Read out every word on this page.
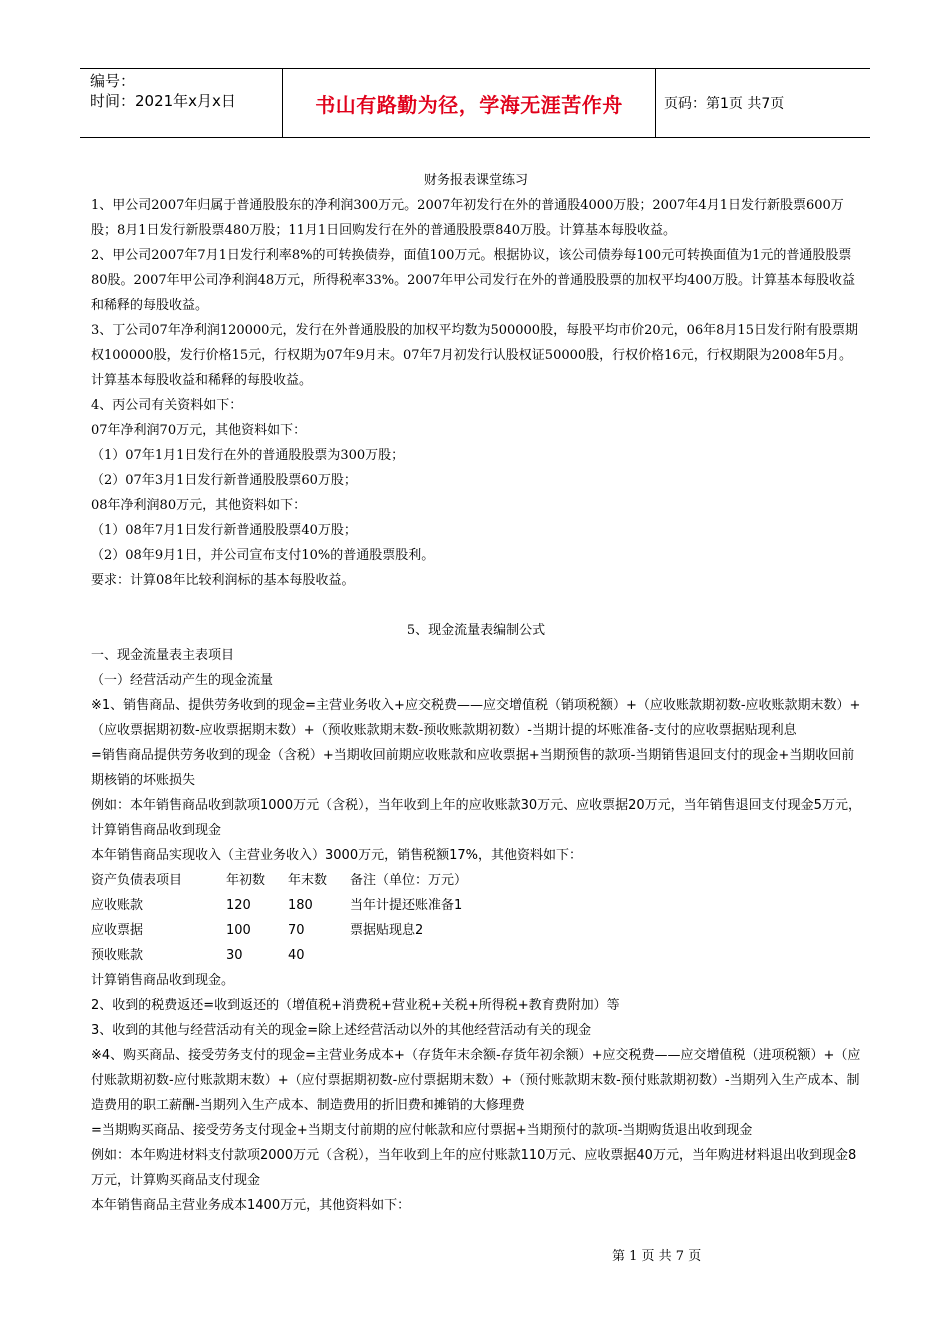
编号：
时间：2021年x月x日	书山有路勤为径，学海无涯苦作舟	页码：第1页 共7页

财务报表课堂练习

1、甲公司2007年归属于普通股股东的净利润300万元。2007年初发行在外的普通股4000万股；2007年4月1日发行新股票600万股；8月1日发行新股票480万股；11月1日回购发行在外的普通股股票840万股。计算基本每股收益。

2、甲公司2007年7月1日发行利率8%的可转换债券，面值100万元。根据协议，该公司债券每100元可转换面值为1元的普通股股票80股。2007年甲公司净利润48万元，所得税率33%。2007年甲公司发行在外的普通股股票的加权平均400万股。计算基本每股收益和稀释的每股收益。

3、丁公司07年净利润120000元，发行在外普通股股的加权平均数为500000股，每股平均市价20元，06年8月15日发行附有股票期权100000股，发行价格15元，行权期为07年9月末。07年7月初发行认股权证50000股，行权价格16元，行权期限为2008年5月。计算基本每股收益和稀释的每股收益。

4、丙公司有关资料如下：

07年净利润70万元，其他资料如下：

（1）07年1月1日发行在外的普通股股票为300万股；

（2）07年3月1日发行新普通股股票60万股；

08年净利润80万元，其他资料如下：

（1）08年7月1日发行新普通股股票40万股；

（2）08年9月1日，并公司宣布支付10%的普通股票股利。

要求：计算08年比较利润标的基本每股收益。

5、现金流量表编制公式

一、现金流量表主表项目

（一）经营活动产生的现金流量

※1、销售商品、提供劳务收到的现金=主营业务收入+应交税费——应交增值税（销项税额）+（应收账款期初数-应收账款期末数）+（应收票据期初数-应收票据期末数）+（预收账款期末数-预收账款期初数）-当期计提的坏账准备-支付的应收票据贴现利息

=销售商品提供劳务收到的现金（含税）+当期收回前期应收账款和应收票据+当期预售的款项-当期销售退回支付的现金+当期收回前期核销的坏账损失

例如：本年销售商品收到款项1000万元（含税），当年收到上年的应收账款30万元、应收票据20万元，当年销售退回支付现金5万元，计算销售商品收到现金

本年销售商品实现收入（主营业务收入）3000万元，销售税额17%，其他资料如下：

资产负债表项目	年初数	年末数	备注（单位：万元）
应收账款	120	180	当年计提还账准备1
应收票据	100	70	票据贴现息2
预收账款	30	40

计算销售商品收到现金。

2、收到的税费返还=收到返还的（增值税+消费税+营业税+关税+所得税+教育费附加）等

3、收到的其他与经营活动有关的现金=除上述经营活动以外的其他经营活动有关的现金

※4、购买商品、接受劳务支付的现金=主营业务成本+（存货年末余额-存货年初余额）+应交税费——应交增值税（进项税额）+（应付账款期初数-应付账款期末数）+（应付票据期初数-应付票据期末数）+（预付账款期末数-预付账款期初数）-当期列入生产成本、制造费用的职工薪酬-当期列入生产成本、制造费用的折旧费和摊销的大修理费

=当期购买商品、接受劳务支付现金+当期支付前期的应付帐款和应付票据+当期预付的款项-当期购货退出收到现金

例如：本年购进材料支付款项2000万元（含税），当年收到上年的应付账款110万元、应收票据40万元，当年购进材料退出收到现金8万元，计算购买商品支付现金

本年销售商品主营业务成本1400万元，其他资料如下：

第 1 页 共 7 页
